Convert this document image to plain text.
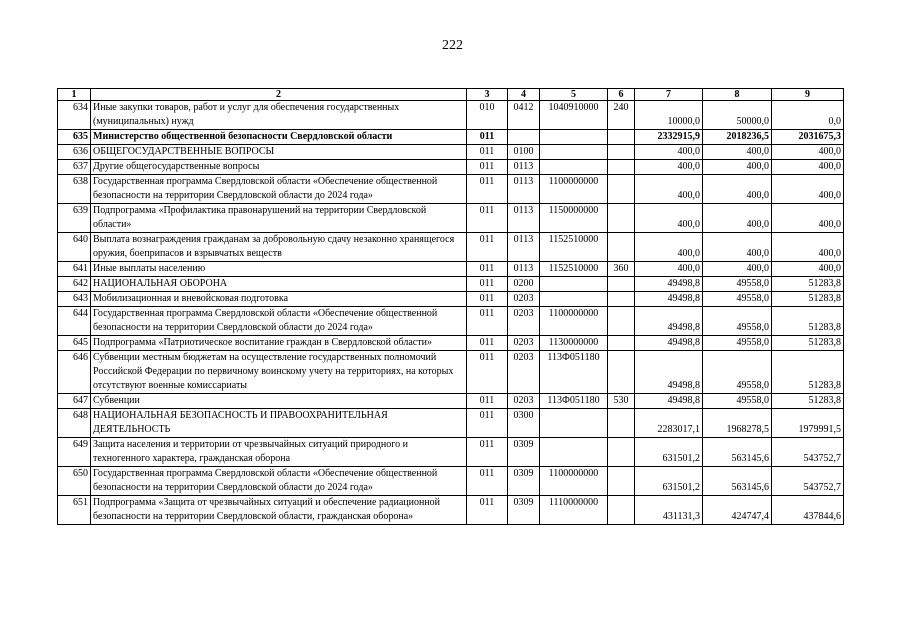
222
1	2	3	4	5	6	7	8	9
634	Иные закупки товаров, работ и услуг для обеспечения государственных (муниципальных) нужд	010	0412	1040910000	240	10000,0	50000,0	0,0
635	Министерство общественной безопасности Свердловской области	011				2332915,9	2018236,5	2031675,3
636	ОБЩЕГОСУДАРСТВЕННЫЕ ВОПРОСЫ	011	0100			400,0	400,0	400,0
637	Другие общегосударственные вопросы	011	0113			400,0	400,0	400,0
638	Государственная программа Свердловской области «Обеспечение общественной безопасности на территории Свердловской области до 2024 года»	011	0113	1100000000		400,0	400,0	400,0
639	Подпрограмма «Профилактика правонарушений на территории Свердловской области»	011	0113	1150000000		400,0	400,0	400,0
640	Выплата вознаграждения гражданам за добровольную сдачу незаконно хранящегося оружия, боеприпасов и взрывчатых веществ	011	0113	1152510000		400,0	400,0	400,0
641	Иные выплаты населению	011	0113	1152510000	360	400,0	400,0	400,0
642	НАЦИОНАЛЬНАЯ ОБОРОНА	011	0200			49498,8	49558,0	51283,8
643	Мобилизационная и вневойсковая подготовка	011	0203			49498,8	49558,0	51283,8
644	Государственная программа Свердловской области «Обеспечение общественной безопасности на территории Свердловской области до 2024 года»	011	0203	1100000000		49498,8	49558,0	51283,8
645	Подпрограмма «Патриотическое воспитание граждан в Свердловской области»	011	0203	1130000000		49498,8	49558,0	51283,8
646	Субвенции местным бюджетам на осуществление государственных полномочий Российской Федерации по первичному воинскому учету на территориях, на которых отсутствуют военные комиссариаты	011	0203	113Ф051180		49498,8	49558,0	51283,8
647	Субвенции	011	0203	113Ф051180	530	49498,8	49558,0	51283,8
648	НАЦИОНАЛЬНАЯ БЕЗОПАСНОСТЬ И ПРАВООХРАНИТЕЛЬНАЯ ДЕЯТЕЛЬНОСТЬ	011	0300			2283017,1	1968278,5	1979991,5
649	Защита населения и территории от чрезвычайных ситуаций природного и техногенного характера, гражданская оборона	011	0309			631501,2	563145,6	543752,7
650	Государственная программа Свердловской области «Обеспечение общественной безопасности на территории Свердловской области до 2024 года»	011	0309	1100000000		631501,2	563145,6	543752,7
651	Подпрограмма «Защита от чрезвычайных ситуаций и обеспечение радиационной безопасности на территории Свердловской области, гражданская оборона»	011	0309	1110000000		431131,3	424747,4	437844,6
